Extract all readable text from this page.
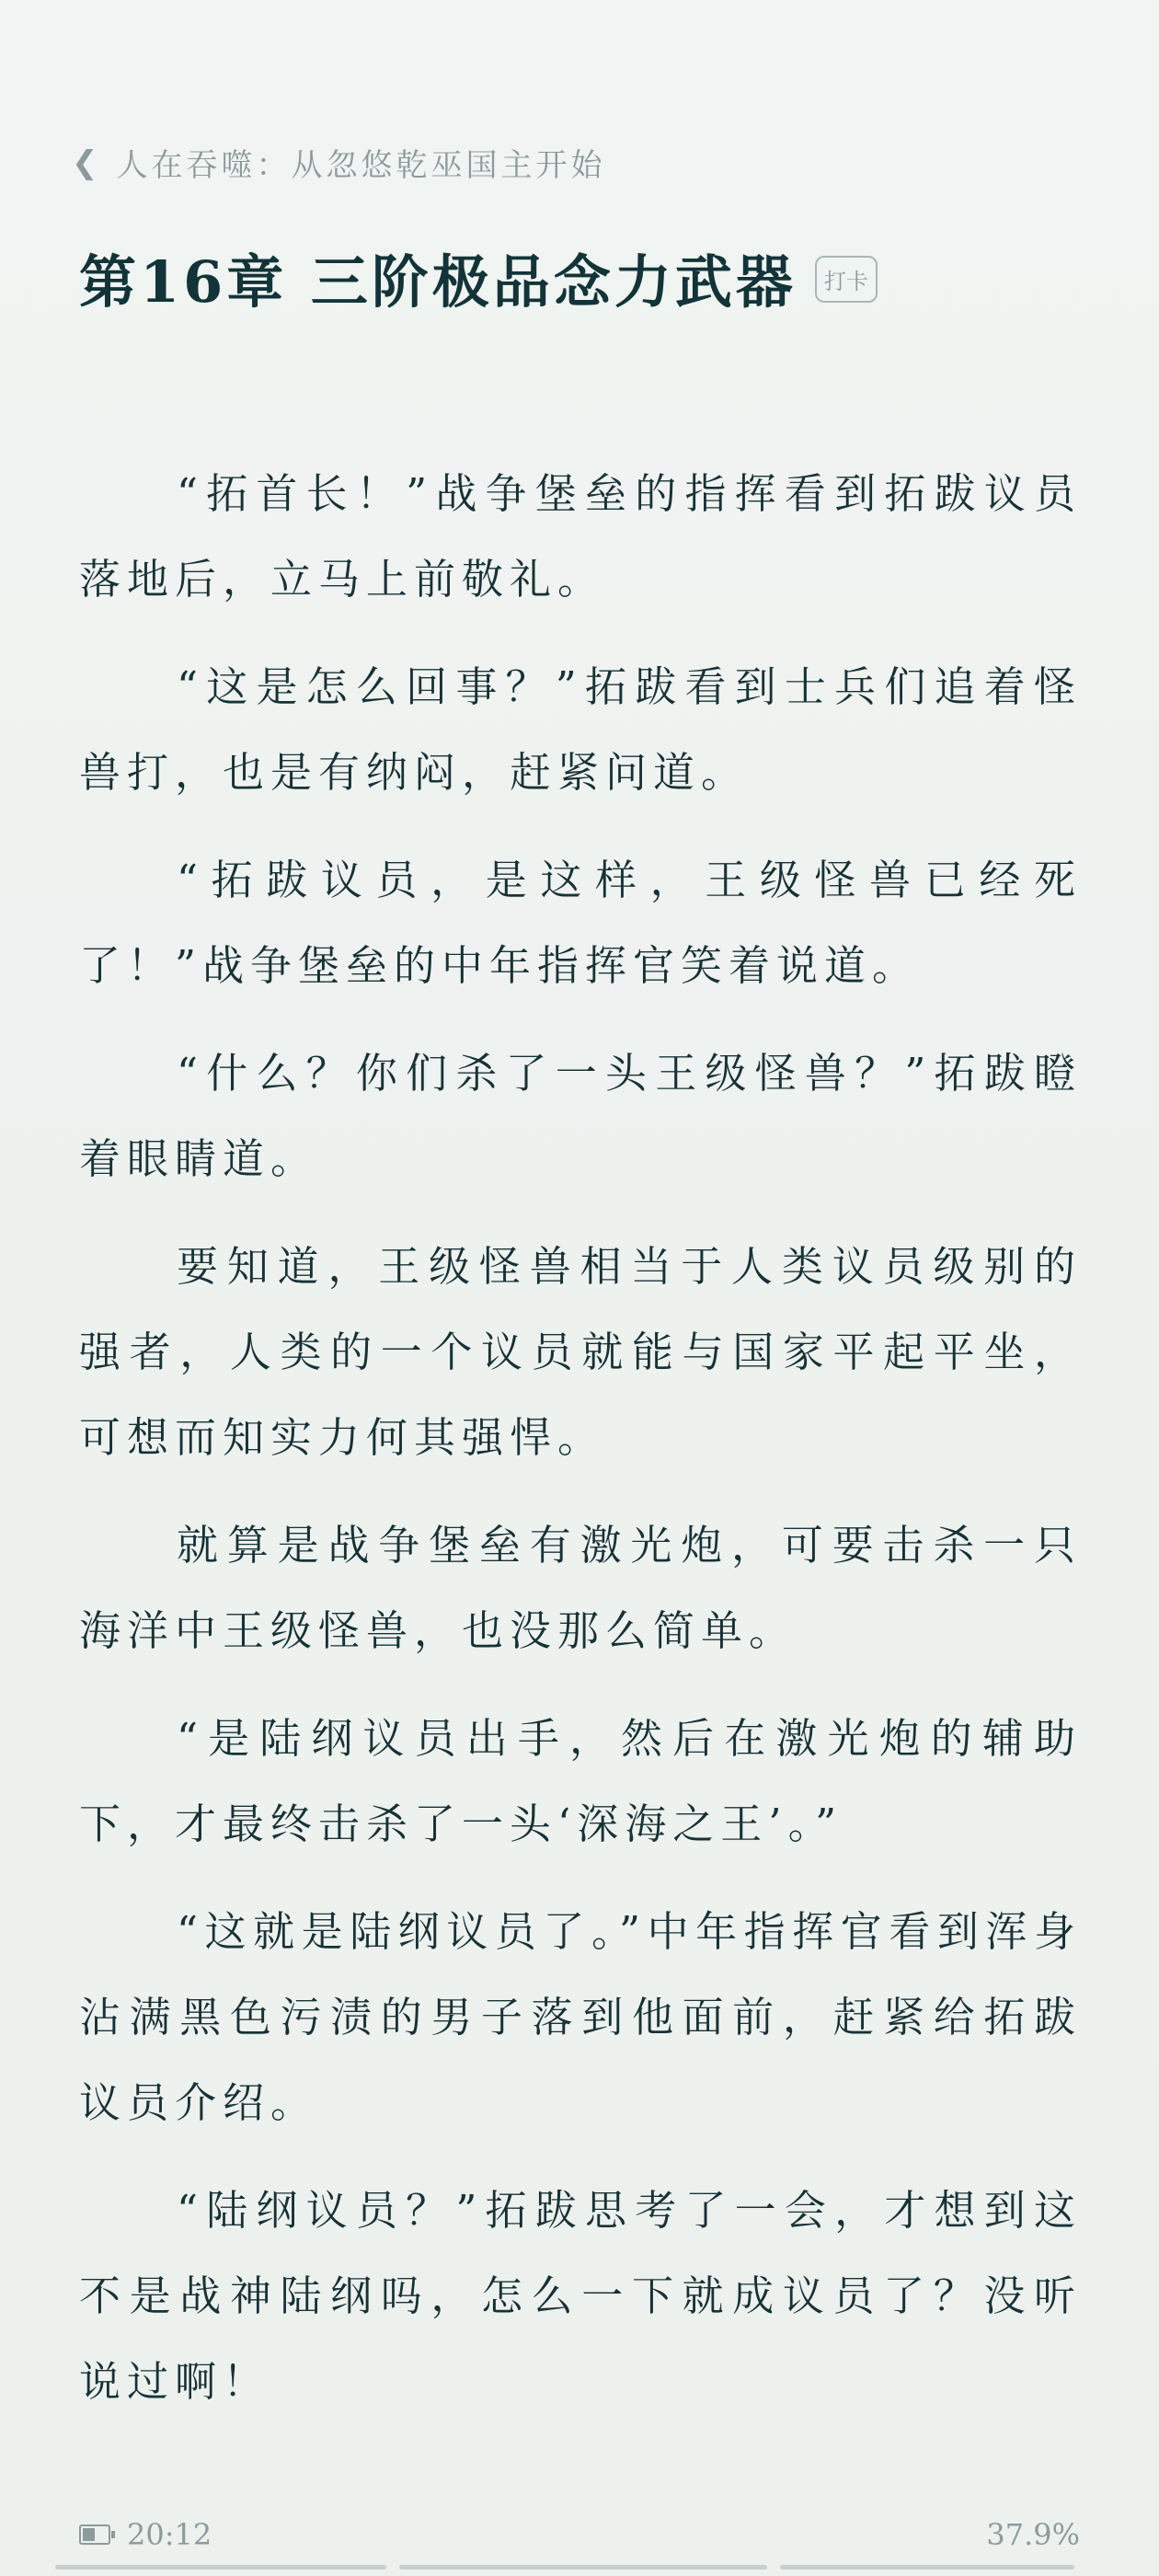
❮ 人在吞噬：从忽悠乾巫国主开始
第16章 三阶极品念力武器	打卡

“拓首长！”战争堡垒的指挥看到拓跋议员落地后，立马上前敬礼。

“这是怎么回事？”拓跋看到士兵们追着怪兽打，也是有纳闷，赶紧问道。

“拓跋议员，是这样，王级怪兽已经死了！”战争堡垒的中年指挥官笑着说道。

“什么？你们杀了一头王级怪兽？”拓跋瞪着眼睛道。

要知道，王级怪兽相当于人类议员级别的强者，人类的一个议员就能与国家平起平坐，可想而知实力何其强悍。

就算是战争堡垒有激光炮，可要击杀一只海洋中王级怪兽，也没那么简单。

“是陆纲议员出手，然后在激光炮的辅助下，才最终击杀了一头‘深海之王’。”

“这就是陆纲议员了。”中年指挥官看到浑身沾满黑色污渍的男子落到他面前，赶紧给拓跋议员介绍。

“陆纲议员？”拓跋思考了一会，才想到这不是战神陆纲吗，怎么一下就成议员了？没听说过啊！

20:12	37.9%
